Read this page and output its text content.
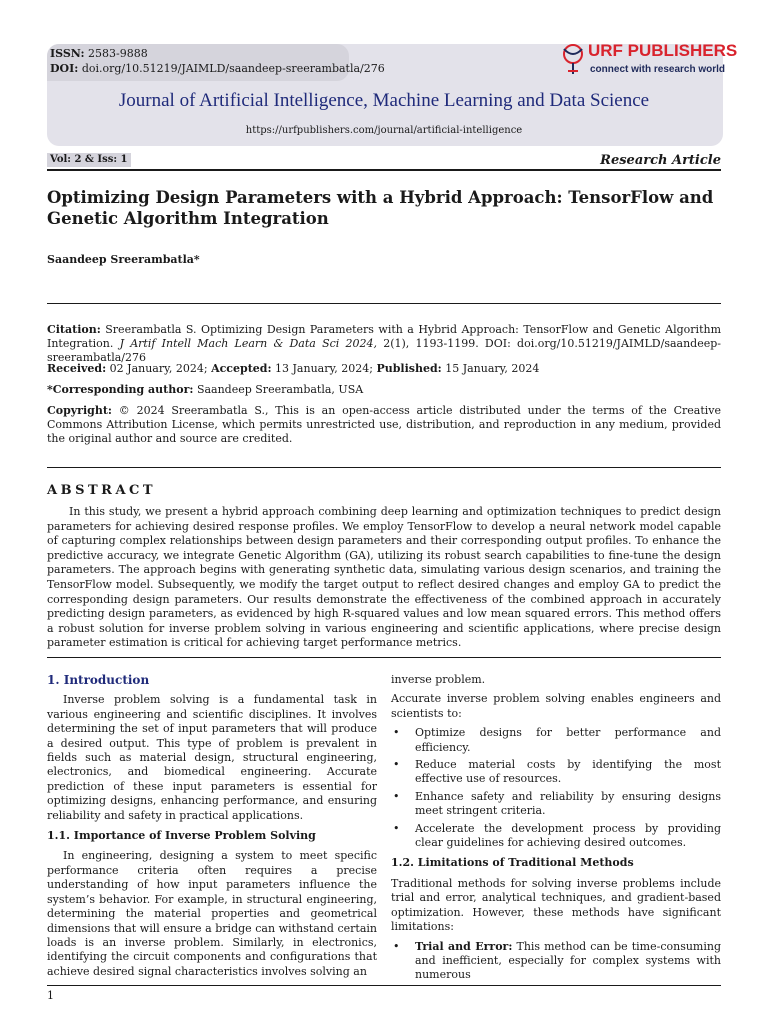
ISSN: 2583-9888
DOI: doi.org/10.51219/JAIMLD/saandeep-sreerambatla/276
URF PUBLISHERS
connect with research world
Journal of Artificial Intelligence, Machine Learning and Data Science
https://urfpublishers.com/journal/artificial-intelligence
Vol: 2 & Iss: 1	Research Article
Optimizing Design Parameters with a Hybrid Approach: TensorFlow and Genetic Algorithm Integration
Saandeep Sreerambatla*
Citation: Sreerambatla S. Optimizing Design Parameters with a Hybrid Approach: TensorFlow and Genetic Algorithm Integration. J Artif Intell Mach Learn & Data Sci 2024, 2(1), 1193-1199. DOI: doi.org/10.51219/JAIMLD/saandeep-sreerambatla/276
Received: 02 January, 2024; Accepted: 13 January, 2024; Published: 15 January, 2024
*Corresponding author: Saandeep Sreerambatla, USA
Copyright: © 2024 Sreerambatla S., This is an open-access article distributed under the terms of the Creative Commons Attribution License, which permits unrestricted use, distribution, and reproduction in any medium, provided the original author and source are credited.
ABSTRACT
In this study, we present a hybrid approach combining deep learning and optimization techniques to predict design parameters for achieving desired response profiles. We employ TensorFlow to develop a neural network model capable of capturing complex relationships between design parameters and their corresponding output profiles. To enhance the predictive accuracy, we integrate Genetic Algorithm (GA), utilizing its robust search capabilities to fine-tune the design parameters. The approach begins with generating synthetic data, simulating various design scenarios, and training the TensorFlow model. Subsequently, we modify the target output to reflect desired changes and employ GA to predict the corresponding design parameters. Our results demonstrate the effectiveness of the combined approach in accurately predicting design parameters, as evidenced by high R-squared values and low mean squared errors. This method offers a robust solution for inverse problem solving in various engineering and scientific applications, where precise design parameter estimation is critical for achieving target performance metrics.
1. Introduction
Inverse problem solving is a fundamental task in various engineering and scientific disciplines. It involves determining the set of input parameters that will produce a desired output. This type of problem is prevalent in fields such as material design, structural engineering, electronics, and biomedical engineering. Accurate prediction of these input parameters is essential for optimizing designs, enhancing performance, and ensuring reliability and safety in practical applications.
1.1. Importance of Inverse Problem Solving
In engineering, designing a system to meet specific performance criteria often requires a precise understanding of how input parameters influence the system’s behavior. For example, in structural engineering, determining the material properties and geometrical dimensions that will ensure a bridge can withstand certain loads is an inverse problem. Similarly, in electronics, identifying the circuit components and configurations that achieve desired signal characteristics involves solving an
inverse problem.
Accurate inverse problem solving enables engineers and scientists to:
• Optimize designs for better performance and efficiency.
• Reduce material costs by identifying the most effective use of resources.
• Enhance safety and reliability by ensuring designs meet stringent criteria.
• Accelerate the development process by providing clear guidelines for achieving desired outcomes.
1.2. Limitations of Traditional Methods
Traditional methods for solving inverse problems include trial and error, analytical techniques, and gradient-based optimization. However, these methods have significant limitations:
• Trial and Error: This method can be time-consuming and inefficient, especially for complex systems with numerous
1
